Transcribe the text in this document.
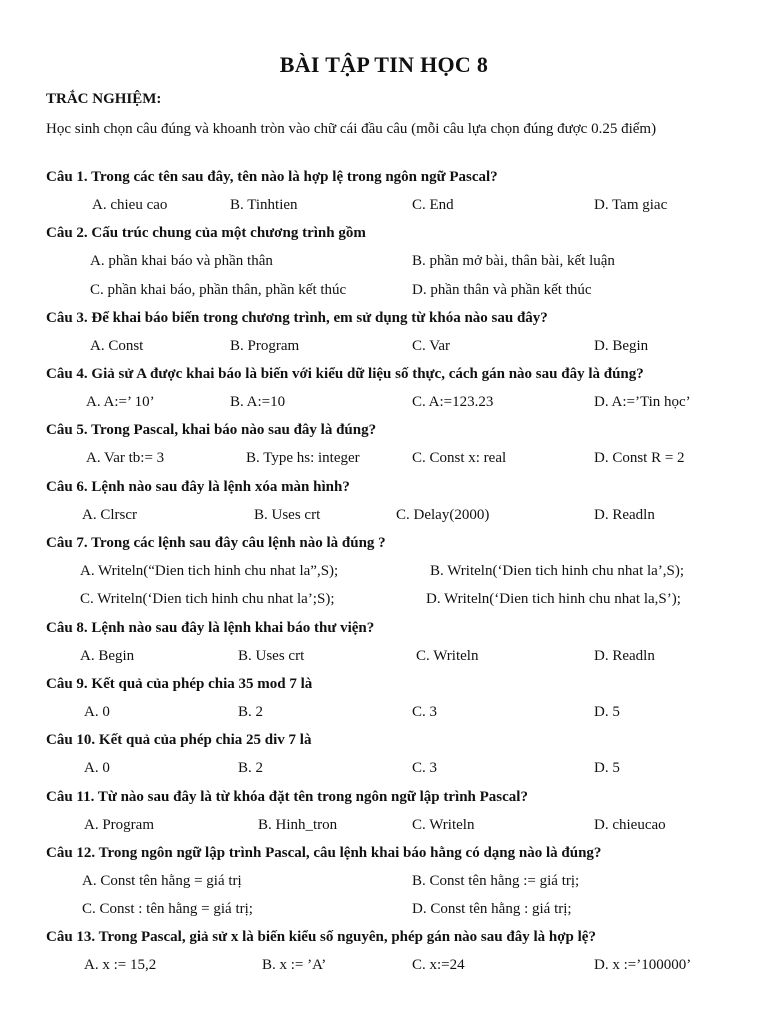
BÀI TẬP TIN HỌC 8
TRẮC NGHIỆM:
Học sinh chọn câu đúng và khoanh tròn vào chữ cái đầu câu (mỗi câu lựa chọn đúng được 0.25 điểm)
Câu 1. Trong các tên sau đây, tên nào là hợp lệ trong ngôn ngữ Pascal?
A. chieu cao	B. Tinhtien	C. End	D. Tam giac
Câu 2. Cấu trúc chung của một chương trình gồm
A. phần khai báo và phần thân	B. phần mở bài, thân bài, kết luận
C. phần khai báo, phần thân, phần kết thúc	D. phần thân và phần kết thúc
Câu 3. Để khai báo biến trong chương trình, em sử dụng từ khóa nào sau đây?
A. Const	B. Program	C. Var	D. Begin
Câu 4. Giả sử A được khai báo là biến với kiểu dữ liệu số thực, cách gán nào sau đây là đúng?
A. A:=’ 10’	B. A:=10	C. A:=123.23	D. A:=’Tin học’
Câu 5. Trong Pascal, khai báo nào sau đây là đúng?
A. Var tb:= 3	B. Type hs: integer	C. Const x: real	D. Const R = 2
Câu 6. Lệnh nào sau đây là lệnh xóa màn hình?
A. Clrscr	B. Uses crt	C. Delay(2000)	D. Readln
Câu 7. Trong các lệnh sau đây câu lệnh nào là đúng ?
A. Writeln(“Dien tich hinh chu nhat la”,S);	B. Writeln(‘Dien tich hinh chu nhat la’,S);
C. Writeln(‘Dien tich hinh chu nhat la’;S);	D. Writeln(‘Dien tich hinh chu nhat la,S’);
Câu 8. Lệnh nào sau đây là lệnh khai báo thư viện?
A. Begin	B. Uses crt	C. Writeln	D. Readln
Câu 9. Kết quả của phép chia 35 mod 7 là
A. 0	B. 2	C. 3	D. 5
Câu 10. Kết quả của phép chia 25 div 7 là
A. 0	B. 2	C. 3	D. 5
Câu 11. Từ nào sau đây là từ khóa đặt tên trong ngôn ngữ lập trình Pascal?
A. Program	B. Hinh_tron	C. Writeln	D. chieucao
Câu 12. Trong ngôn ngữ lập trình Pascal, câu lệnh khai báo hằng có dạng nào là đúng?
A. Const tên hằng = giá trị	B. Const tên hằng := giá trị;
C. Const : tên hằng = giá trị;	D. Const tên hằng : giá trị;
Câu 13. Trong Pascal, giả sử x là biến kiểu số nguyên, phép gán nào sau đây là hợp lệ?
A. x := 15,2	B. x := ’A’	C. x:=24	D. x :=’100000’
